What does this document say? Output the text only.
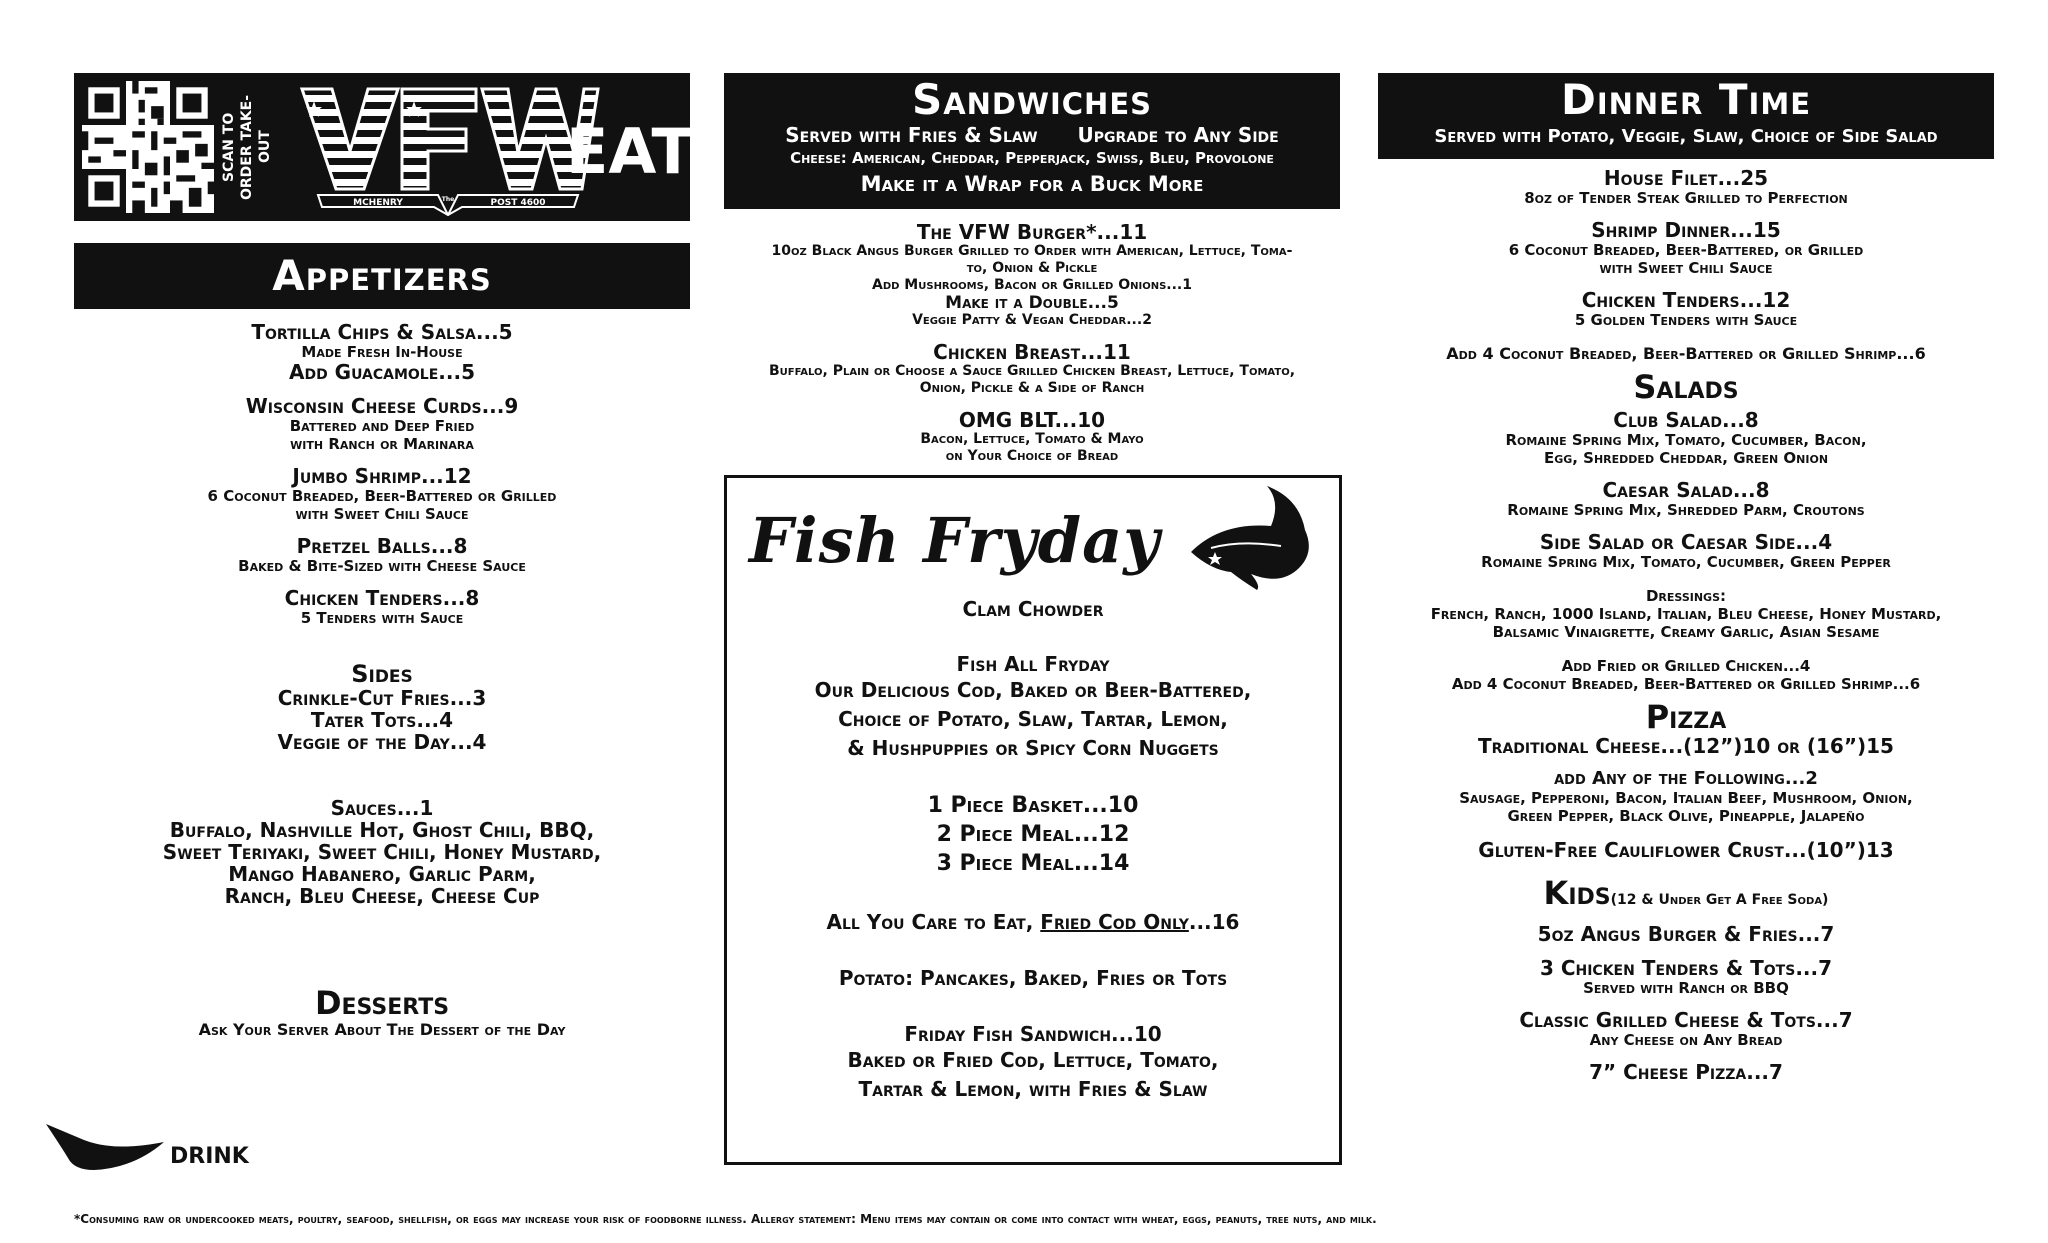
SCAN TO ORDER TAKE-OUT
MCHENRY	The	POST 4600
EAT
Appetizers
Tortilla Chips & Salsa...5
Made Fresh In-House
Add Guacamole...5
Wisconsin Cheese Curds...9
Battered and Deep Fried
with Ranch or Marinara
Jumbo Shrimp...12
6 Coconut Breaded, Beer-Battered or Grilled
with Sweet Chili Sauce
Pretzel Balls...8
Baked & Bite-Sized with Cheese Sauce
Chicken Tenders...8
5 Tenders with Sauce
Sides
Crinkle-Cut Fries...3
Tater Tots...4
Veggie of the Day...4
Sauces...1
Buffalo, Nashville Hot, Ghost Chili, BBQ,
Sweet Teriyaki, Sweet Chili, Honey Mustard,
Mango Habanero, Garlic Parm,
Ranch, Bleu Cheese, Cheese Cup
Desserts
Ask Your Server About The Dessert of the Day
DRINK
Sandwiches
Served with Fries & Slaw Upgrade to Any Side
Cheese: American, Cheddar, Pepperjack, Swiss, Bleu, Provolone
Make it a Wrap for a Buck More
The VFW Burger*...11
10oz Black Angus Burger Grilled to Order with American, Lettuce, Toma-
to, Onion & Pickle
Add Mushrooms, Bacon or Grilled Onions...1
Make it a Double...5
Veggie Patty & Vegan Cheddar...2
Chicken Breast...11
Buffalo, Plain or Choose a Sauce Grilled Chicken Breast, Lettuce, Tomato,
Onion, Pickle & a Side of Ranch
OMG BLT...10
Bacon, Lettuce, Tomato & Mayo
on Your Choice of Bread
Fish Fryday
Clam Chowder
Fish All Fryday
Our Delicious Cod, Baked or Beer-Battered,
Choice of Potato, Slaw, Tartar, Lemon,
& Hushpuppies or Spicy Corn Nuggets
1 Piece Basket...10
2 Piece Meal...12
3 Piece Meal...14
All You Care to Eat, Fried Cod Only...16
Potato: Pancakes, Baked, Fries or Tots
Friday Fish Sandwich...10
Baked or Fried Cod, Lettuce, Tomato,
Tartar & Lemon, with Fries & Slaw
Dinner Time
Served with Potato, Veggie, Slaw, Choice of Side Salad
House Filet...25
8oz of Tender Steak Grilled to Perfection
Shrimp Dinner...15
6 Coconut Breaded, Beer-Battered, or Grilled
with Sweet Chili Sauce
Chicken Tenders...12
5 Golden Tenders with Sauce
Add 4 Coconut Breaded, Beer-Battered or Grilled Shrimp...6
Salads
Club Salad...8
Romaine Spring Mix, Tomato, Cucumber, Bacon,
Egg, Shredded Cheddar, Green Onion
Caesar Salad...8
Romaine Spring Mix, Shredded Parm, Croutons
Side Salad or Caesar Side...4
Romaine Spring Mix, Tomato, Cucumber, Green Pepper
Dressings:
French, Ranch, 1000 Island, Italian, Bleu Cheese, Honey Mustard,
Balsamic Vinaigrette, Creamy Garlic, Asian Sesame
Add Fried or Grilled Chicken...4
Add 4 Coconut Breaded, Beer-Battered or Grilled Shrimp...6
Pizza
Traditional Cheese...(12”)10 or (16”)15
add Any of the Following...2
Sausage, Pepperoni, Bacon, Italian Beef, Mushroom, Onion,
Green Pepper, Black Olive, Pineapple, Jalapeño
Gluten-Free Cauliflower Crust...(10”)13
Kids(12 & Under Get A Free Soda)
5oz Angus Burger & Fries...7
3 Chicken Tenders & Tots...7
Served with Ranch or BBQ
Classic Grilled Cheese & Tots...7
Any Cheese on Any Bread
7” Cheese Pizza...7
*Consuming raw or undercooked meats, poultry, seafood, shellfish, or eggs may increase your risk of foodborne illness. Allergy statement: Menu items may contain or come into contact with wheat, eggs, peanuts, tree nuts, and milk.
